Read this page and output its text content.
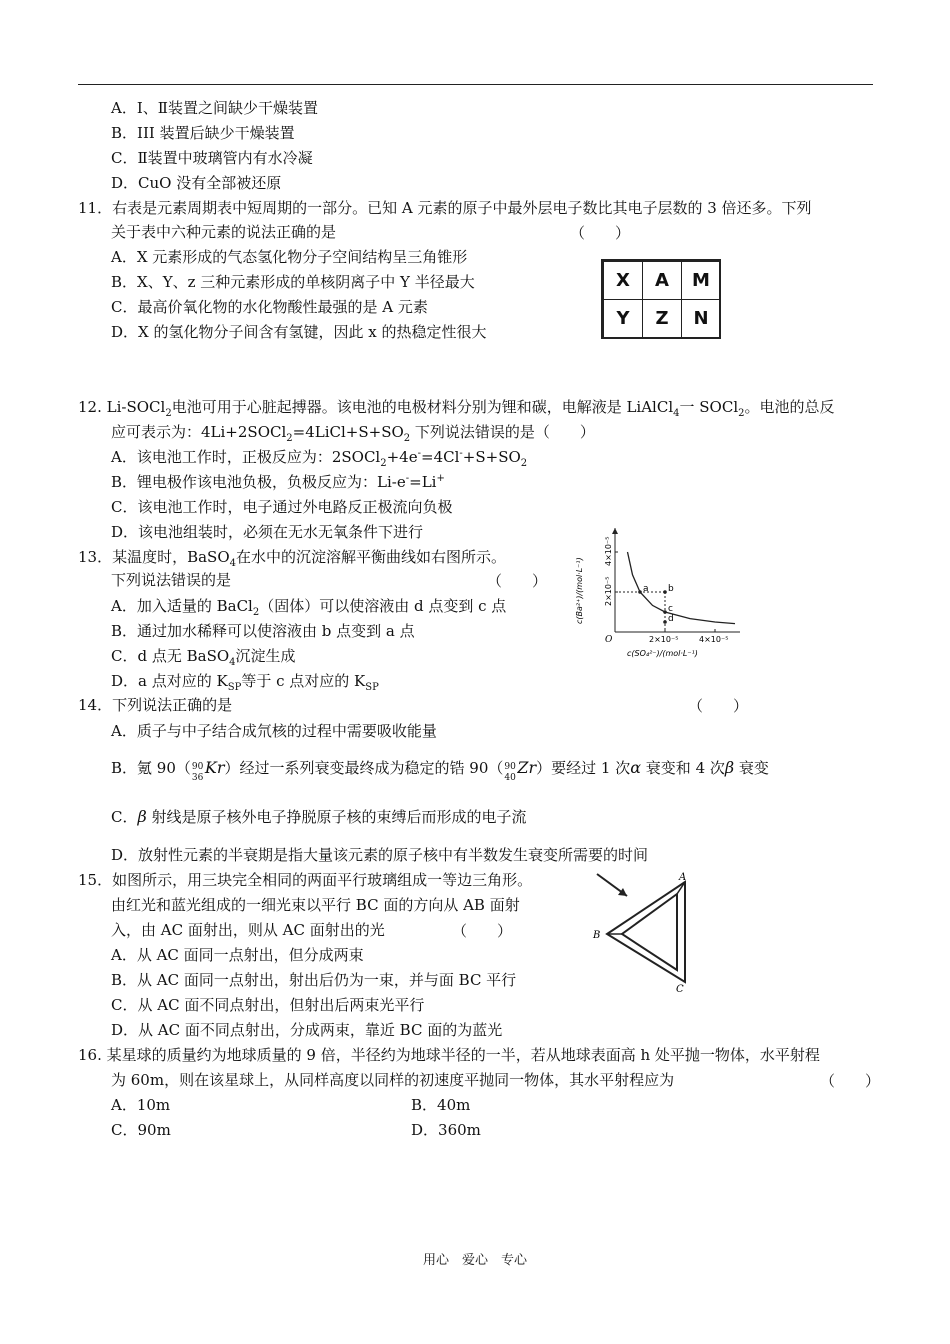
A．I、Ⅱ装置之间缺少干燥装置
B．III 装置后缺少干燥装置
C．Ⅱ装置中玻璃管内有水冷凝
D．CuO 没有全部被还原
11．右表是元素周期表中短周期的一部分。已知 A 元素的原子中最外层电子数比其电子层数的 3 倍还多。下列
关于表中六种元素的说法正确的是	（　　）
A．X 元素形成的气态氢化物分子空间结构呈三角锥形
B．X、Y、z 三种元素形成的单核阴离子中 Y 半径最大
C．最高价氧化物的水化物酸性最强的是 A 元素
D．X 的氢化物分子间含有氢键，因此 x 的热稳定性很大
X	A	M
Y	Z	N
12. Li-SOCl$_2$电池可用于心脏起搏器。该电池的电极材料分别为锂和碳，电解液是 LiAlCl$_4$一 SOCl$_2$。电池的总反
应可表示为：$4Li+2SOCl_2=4LiCl+S+SO_2$ 下列说法错误的是（　　）
A．该电池工作时，正极反应为：$2SOCl_2+4e^-=4Cl^-+S+SO_2$
B．锂电极作该电池负极，负极反应为：Li-e-=Li+
C．该电池工作时，电子通过外电路反正极流向负极
D．该电池组装时，必须在无水无氧条件下进行
13．某温度时，BaSO$_4$在水中的沉淀溶解平衡曲线如右图所示。
下列说法错误的是	（　　）
A．加入适量的 BaCl$_2$（固体）可以使溶液由 d 点变到 c 点
B．通过加水稀释可以使溶液由 b 点变到 a 点
C．d 点无 BaSO$_4$沉淀生成
D．a 点对应的 $K_{SP}$等于 c 点对应的 $K_{SP}$
O	2×10⁻⁵
2×10⁻⁵
4×10⁻⁵
4×10⁻⁵
c(SO₄²⁻)/(mol·L⁻¹)
c(Ba²⁺)/(mol·L⁻¹)	a b
c
d
14．下列说法正确的是	（　　）
A．质子与中子结合成氘核的过程中需要吸收能量
B．氪 90（ 90
36
Kr）经过一系列衰变最终成为稳定的锆 90（ 90
40
Zr）要经过 1 次α 衰变和 4 次β 衰变
C．β 射线是原子核外电子挣脱原子核的束缚后而形成的电子流
D．放射性元素的半衰期是指大量该元素的原子核中有半数发生衰变所需要的时间
15．如图所示，用三块完全相同的两面平行玻璃组成一等边三角形。
由红光和蓝光组成的一细光束以平行 BC 面的方向从 AB 面射
入，由 AC 面射出，则从 AC 面射出的光	（　　）
A．从 AC 面同一点射出，但分成两束
B．从 AC 面同一点射出，射出后仍为一束，并与面 BC 平行
C．从 AC 面不同点射出，但射出后两束光平行
D．从 AC 面不同点射出，分成两束，靠近 BC 面的为蓝光
A
B
C
16. 某星球的质量约为地球质量的 9 倍，半径约为地球半径的一半，若从地球表面高 h 处平抛一物体，水平射程
为 60m，则在该星球上，从同样高度以同样的初速度平抛同一物体，其水平射程应为	（　　）
A．10m	B．40m
C．90m	D．360m
用心　爱心　专心
